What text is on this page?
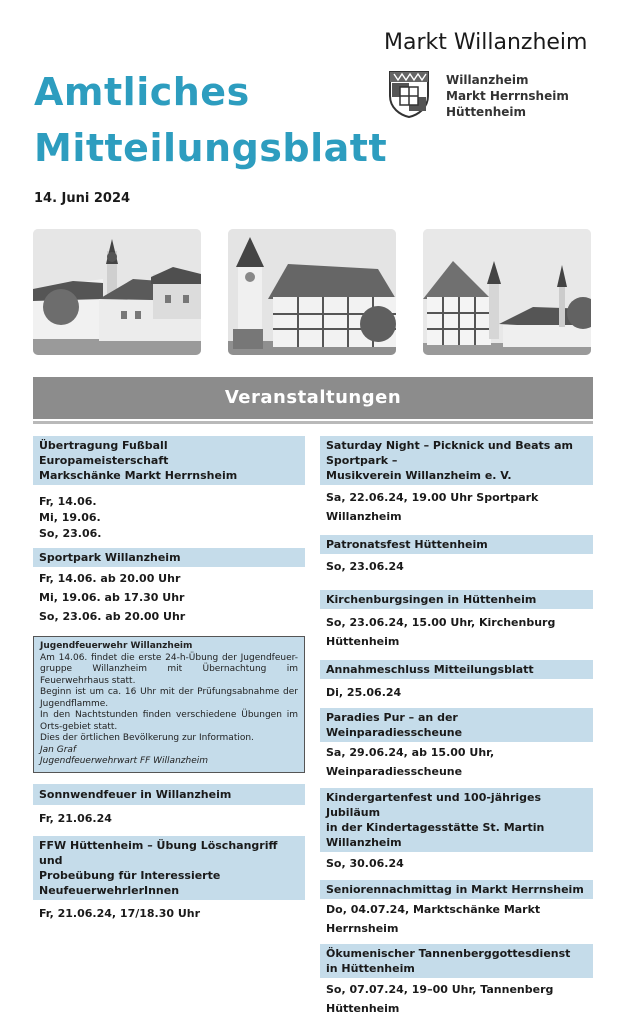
Amtliches
Mitteilungsblatt
Markt Willanzheim
Willanzheim
Markt Herrnsheim
Hüttenheim
14. Juni 2024
Veranstaltungen
Übertragung Fußball Europameisterschaft
Markschänke Markt Herrnsheim
Fr, 14.06.
Mi, 19.06.
So, 23.06.
Sportpark Willanzheim
Fr, 14.06. ab 20.00 Uhr
Mi, 19.06. ab 17.30 Uhr
So, 23.06. ab 20.00 Uhr
Jugendfeuerwehr Willanzheim

Am 14.06. findet die erste 24-h-Übung der Jugendfeuer-gruppe Willanzheim mit Übernachtung im Feuerwehrhaus statt.

Beginn ist um ca. 16 Uhr mit der Prüfungsabnahme der Jugendflamme.

In den Nachtstunden finden verschiedene Übungen im Orts-gebiet statt.

Dies der örtlichen Bevölkerung zur Information.

Jan Graf
Jugendfeuerwehrwart FF Willanzheim
Sonnwendfeuer in Willanzheim
Fr, 21.06.24
FFW Hüttenheim – Übung Löschangriff und
Probeübung für Interessierte NeufeuerwehrlerInnen
Fr, 21.06.24, 17/18.30 Uhr
Saturday Night – Picknick und Beats am Sportpark –
Musikverein Willanzheim e. V.
Sa, 22.06.24, 19.00 Uhr Sportpark Willanzheim
Patronatsfest Hüttenheim
So, 23.06.24
Kirchenburgsingen in Hüttenheim
So, 23.06.24, 15.00 Uhr, Kirchenburg Hüttenheim
Annahmeschluss Mitteilungsblatt
Di, 25.06.24
Paradies Pur – an der Weinparadiesscheune
Sa, 29.06.24, ab 15.00 Uhr, Weinparadiesscheune
Kindergartenfest und 100-jähriges Jubiläum
in der Kindertagesstätte St. Martin Willanzheim
So, 30.06.24
Seniorennachmittag in Markt Herrnsheim
Do, 04.07.24, Marktschänke Markt Herrnsheim
Ökumenischer Tannenberggottesdienst
in Hüttenheim
So, 07.07.24, 19–00 Uhr, Tannenberg Hüttenheim
